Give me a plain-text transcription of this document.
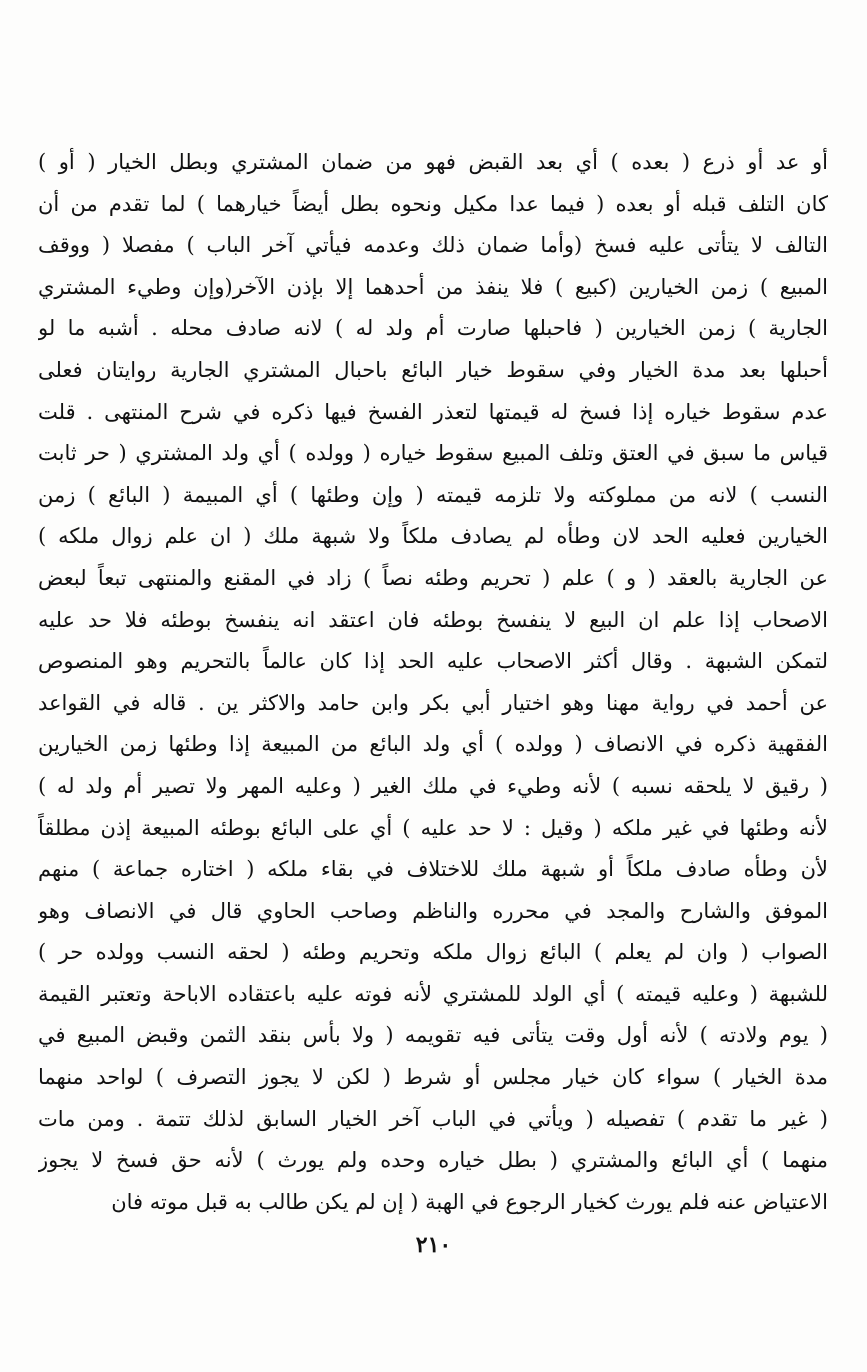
أو عد أو ذرع ( بعده ) أي بعد القبض فهو من ضمان المشتري وبطل الخيار ( أو )
كان التلف قبله أو بعده ( فيما عدا مكيل ونحوه بطل أيضاً خيارهما ) لما تقدم من أن
التالف لا يتأتى عليه فسخ (وأما ضمان ذلك وعدمه فيأتي آخر الباب ) مفصلا ( ووقف
المبيع ) زمن الخيارين (كبيع ) فلا ينفذ من أحدهما إلا بإذن الآخر(وإن وطيء المشتري
الجارية ) زمن الخيارين ( فاحبلها صارت أم ولد له ) لانه صادف محله . أشبه ما لو
أحبلها بعد مدة الخيار وفي سقوط خيار البائع باحبال المشتري الجارية روايتان فعلى
عدم سقوط خياره إذا فسخ له قيمتها لتعذر الفسخ فيها ذكره في شرح المنتهى . قلت
قياس ما سبق في العتق وتلف المبيع سقوط خياره ( وولده ) أي ولد المشتري ( حر ثابت
النسب ) لانه من مملوكته ولا تلزمه قيمته ( وإن وطئها ) أي المبيمة ( البائع ) زمن
الخيارين فعليه الحد لان وطأه لم يصادف ملكاً ولا شبهة ملك ( ان علم زوال ملكه )
عن الجارية بالعقد ( و ) علم ( تحريم وطئه نصاً ) زاد في المقنع والمنتهى تبعاً لبعض
الاصحاب إذا علم ان البيع لا ينفسخ بوطئه فان اعتقد انه ينفسخ بوطئه فلا حد عليه
لتمكن الشبهة . وقال أكثر الاصحاب عليه الحد إذا كان عالماً بالتحريم وهو المنصوص
عن أحمد في رواية مهنا وهو اختيار أبي بكر وابن حامد والاكثر ين . قاله في القواعد
الفقهية ذكره في الانصاف ( وولده ) أي ولد البائع من المبيعة إذا وطئها زمن الخيارين
( رقيق لا يلحقه نسبه ) لأنه وطيء في ملك الغير ( وعليه المهر ولا تصير أم ولد له )
لأنه وطئها في غير ملكه ( وقيل : لا حد عليه ) أي على البائع بوطئه المبيعة إذن مطلقاً
لأن وطأه صادف ملكاً أو شبهة ملك للاختلاف في بقاء ملكه ( اختاره جماعة ) منهم
الموفق والشارح والمجد في محرره والناظم وصاحب الحاوي قال في الانصاف وهو
الصواب ( وان لم يعلم ) البائع زوال ملكه وتحريم وطئه ( لحقه النسب وولده حر )
للشبهة ( وعليه قيمته ) أي الولد للمشتري لأنه فوته عليه باعتقاده الاباحة وتعتبر القيمة
( يوم ولادته ) لأنه أول وقت يتأتى فيه تقويمه ( ولا بأس بنقد الثمن وقبض المبيع في
مدة الخيار ) سواء كان خيار مجلس أو شرط ( لكن لا يجوز التصرف ) لواحد منهما
( غير ما تقدم ) تفصيله ( ويأتي في الباب آخر الخيار السابق لذلك تتمة . ومن مات
منهما ) أي البائع والمشتري ( بطل خياره وحده ولم يورث ) لأنه حق فسخ لا يجوز
الاعتياض عنه فلم يورث كخيار الرجوع في الهبة ( إن لم يكن طالب به قبل موته فان
٢١٠
